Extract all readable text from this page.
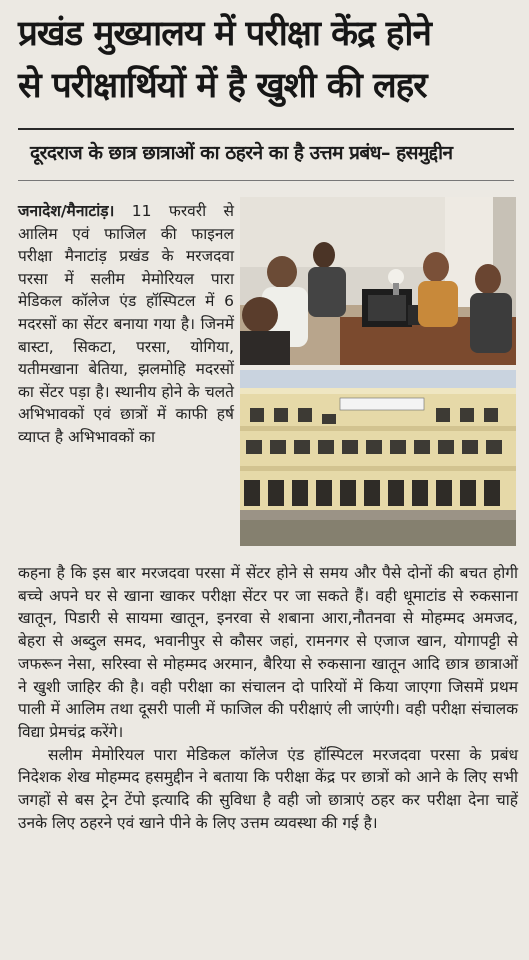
प्रखंड मुख्यालय में परीक्षा केंद्र होने
से परीक्षार्थियों में है खुशी की लहर
दूरदराज के छात्र छात्राओं का ठहरने का है उत्तम प्रबंध– हसमुद्दीन
जनादेश/मैनाटांड़। 11 फरवरी से आलिम एवं फाजिल की फाइनल परीक्षा मैनाटांड़ प्रखंड के मरजदवा परसा में सलीम मेमोरियल पारा मेडिकल कॉलेज एंड हॉस्पिटल में 6 मदरसों का सेंटर बनाया गया है। जिनमें बास्टा, सिकटा, परसा, योगिया, यतीमखाना बेतिया, झलमोहि मदरसों का सेंटर पड़ा है। स्थानीय होने के चलते अभिभावकों एवं छात्रों में काफी हर्ष व्याप्त है अभिभावकों का

कहना है कि इस बार मरजदवा परसा में सेंटर होने से समय और पैसे दोनों की बचत होगी बच्चे अपने घर से खाना खाकर परीक्षा सेंटर पर जा सकते हैं। वही धूमाटांड से रुकसाना खातून, पिडारी से सायमा खातून, इनरवा से शबाना आरा,नौतनवा से मोहम्मद अमजद, बेहरा से अब्दुल समद, भवानीपुर से कौसर जहां, रामनगर से एजाज खान, योगापट्टी से जफरून नेसा, सरिस्वा से मोहम्मद अरमान, बैरिया से रुकसाना खातून आदि छात्र छात्राओं ने खुशी जाहिर की है। वही परीक्षा का संचालन दो पारियों में किया जाएगा जिसमें प्रथम पाली में आलिम तथा दूसरी पाली में फाजिल की परीक्षाएं ली जाएंगी। वही परीक्षा संचालक विद्या प्रेमचंद्र करेंगे।

सलीम मेमोरियल पारा मेडिकल कॉलेज एंड हॉस्पिटल मरजदवा परसा के प्रबंध निदेशक शेख मोहम्मद हसमुद्दीन ने बताया कि परीक्षा केंद्र पर छात्रों को आने के लिए सभी जगहों से बस ट्रेन टेंपो इत्यादि की सुविधा है वही जो छात्राएं ठहर कर परीक्षा देना चाहें उनके लिए ठहरने एवं खाने पीने के लिए उत्तम व्यवस्था की गई है।
